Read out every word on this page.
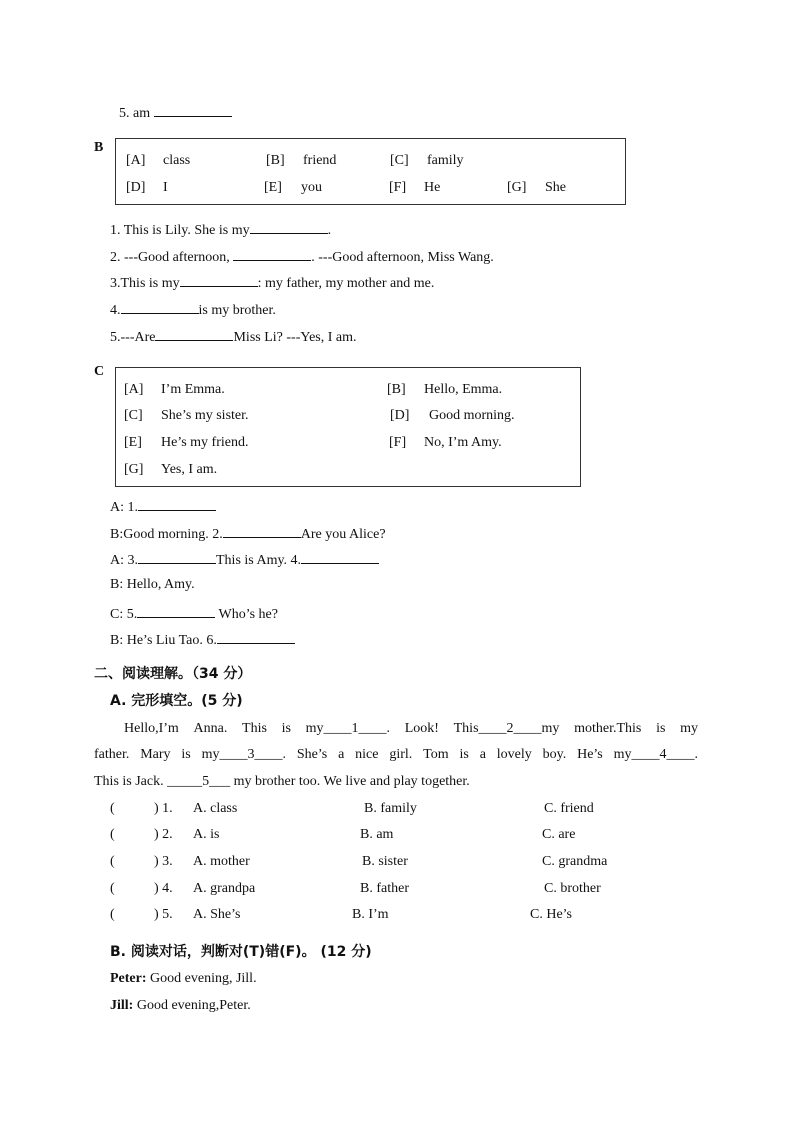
5. am
B
[A] class	[B] friend	[C] family
[D] I	[E] you	[F] He	[G] She
1. This is Lily. She is my	.
2. ---Good afternoon,	. ---Good afternoon, Miss Wang.
3.This is my	: my father, my mother and me.
4.	is my brother.
5.---Are	Miss Li? ---Yes, I am.
C
[A] I’m Emma.	[B] Hello, Emma.
[C] She’s my sister.	[D] Good morning.
[E] He’s my friend.	[F] No, I’m Amy.
[G] Yes, I am.
A: 1.
B:Good morning. 2.	Are you Alice?
A: 3.	This is Amy. 4.
B: Hello, Amy.
C: 5.	Who’s he?
B: He’s Liu Tao. 6.
二、阅读理解。（34 分）
A. 完形填空。(5 分)
Hello,I’m Anna. This is my____1____. Look! This____2____my mother.This is my
father. Mary is my____3____. She’s a nice girl. Tom is a lovely boy. He’s my____4____.
This is Jack. _____5___ my brother too. We live and play together.
(	) 1. A. class	B. family	C. friend
(	) 2. A. is	B. am	C. are
(	) 3. A. mother	B. sister	C. grandma
(	) 4. A. grandpa	B. father	C. brother
(	) 5. A. She’s	B. I’m	C. He’s
B. 阅读对话，判断对(T)错(F)。 (12 分)
Peter: Good evening, Jill.
Jill: Good evening,Peter.
